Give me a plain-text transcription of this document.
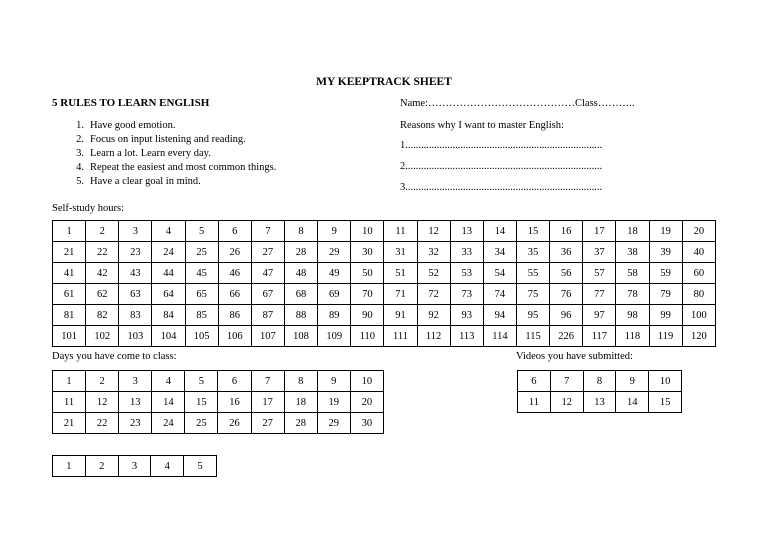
MY KEEPTRACK SHEET
5 RULES TO LEARN ENGLISH
1. Have good emotion.
2. Focus on input listening and reading.
3. Learn a lot. Learn every day.
4. Repeat the easiest and most common things.
5. Have a clear goal in mind.
Name:……………………………………Class………..
Reasons why I want to master English:
1...........................................................................
2...........................................................................
3...........................................................................
Self-study hours:
1	2	3	4	5	6	7	8	9	10	11	12	13	14	15	16	17	18	19	20
21	22	23	24	25	26	27	28	29	30	31	32	33	34	35	36	37	38	39	40
41	42	43	44	45	46	47	48	49	50	51	52	53	54	55	56	57	58	59	60
61	62	63	64	65	66	67	68	69	70	71	72	73	74	75	76	77	78	79	80
81	82	83	84	85	86	87	88	89	90	91	92	93	94	95	96	97	98	99	100
101	102	103	104	105	106	107	108	109	110	111	112	113	114	115	226	117	118	119	120
Days you have come to class:
1	2	3	4	5	6	7	8	9	10
11	12	13	14	15	16	17	18	19	20
21	22	23	24	25	26	27	28	29	30
Videos you have submitted:
6	7	8	9	10
11	12	13	14	15
1	2	3	4	5
